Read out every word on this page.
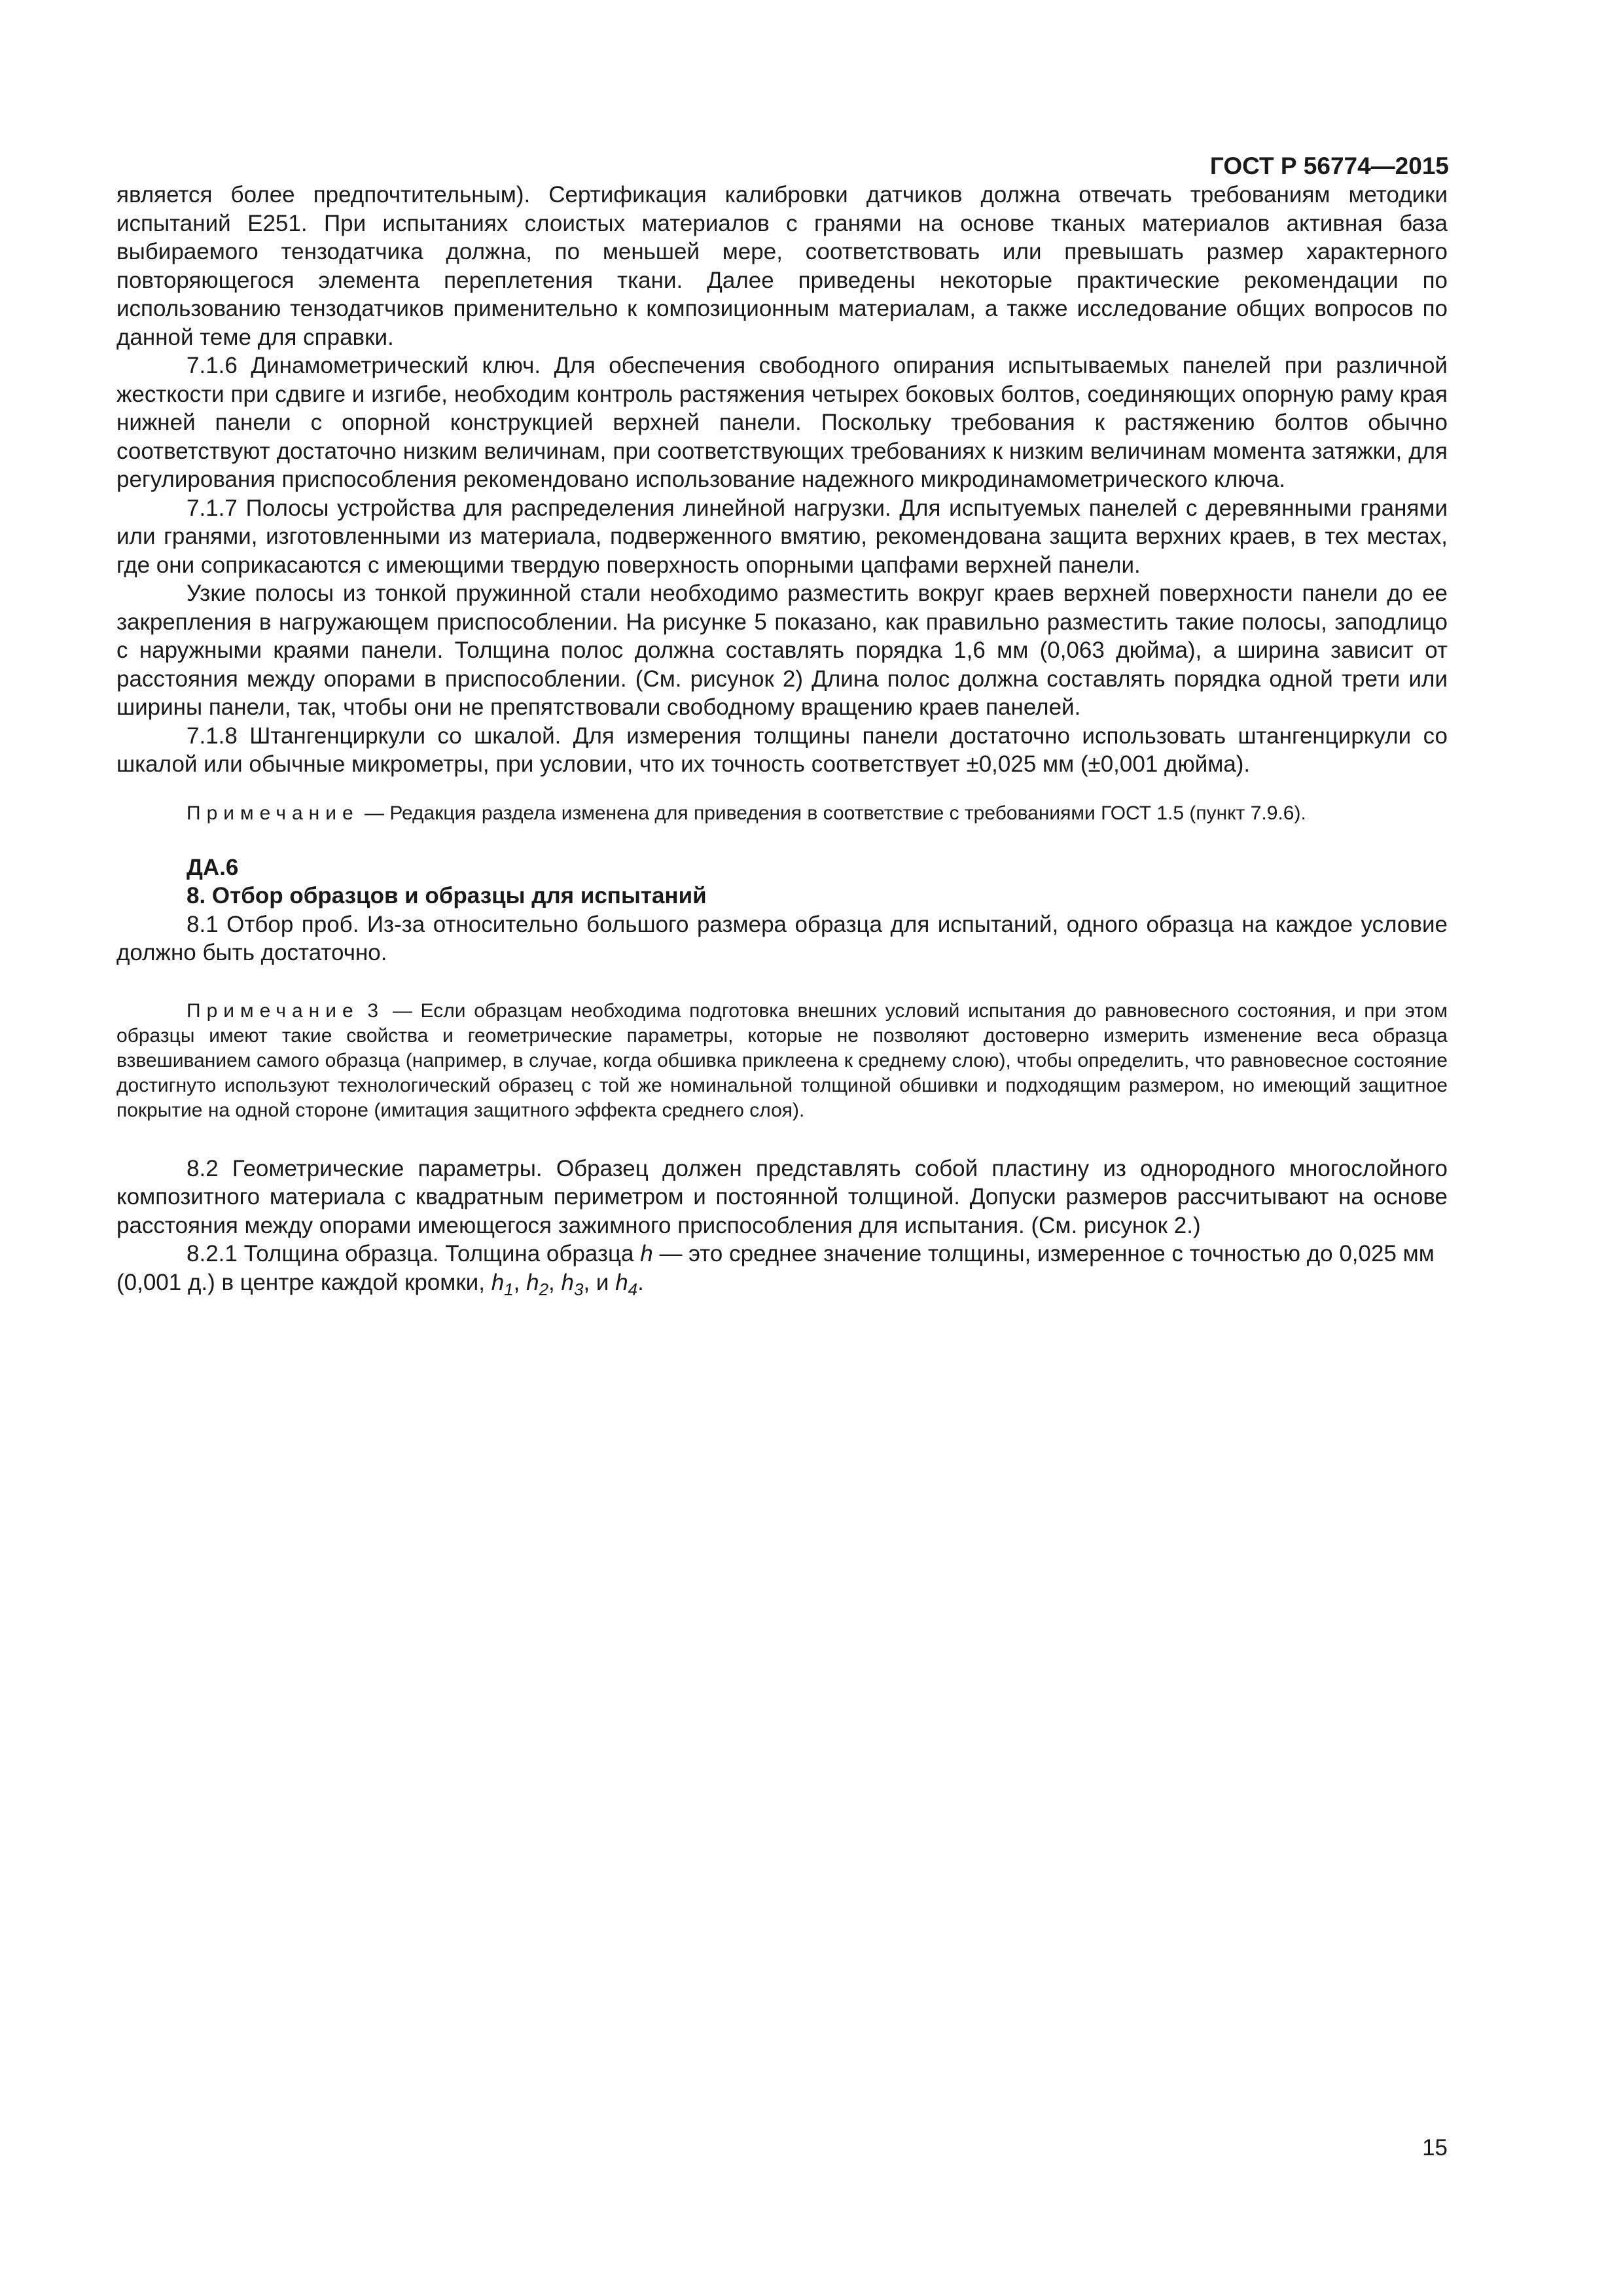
ГОСТ Р 56774—2015

является более предпочтительным). Сертификация калибровки датчиков должна отвечать требованиям методики испытаний E251. При испытаниях слоистых материалов с гранями на основе тканых материалов активная база выбираемого тензодатчика должна, по меньшей мере, соответствовать или превышать размер характерного повторяющегося элемента переплетения ткани. Далее приведены некоторые практические рекомендации по использованию тензодатчиков применительно к композиционным материалам, а также исследование общих вопросов по данной теме для справки.

7.1.6 Динамометрический ключ. Для обеспечения свободного опирания испытываемых панелей при различной жесткости при сдвиге и изгибе, необходим контроль растяжения четырех боковых болтов, соединяющих опорную раму края нижней панели с опорной конструкцией верхней панели. Поскольку требования к растяжению болтов обычно соответствуют достаточно низким величинам, при соответствующих требованиях к низким величинам момента затяжки, для регулирования приспособления рекомендовано использование надежного микродинамометрического ключа.

7.1.7 Полосы устройства для распределения линейной нагрузки. Для испытуемых панелей с деревянными гранями или гранями, изготовленными из материала, подверженного вмятию, рекомендована защита верхних краев, в тех местах, где они соприкасаются с имеющими твердую поверхность опорными цапфами верхней панели.

Узкие полосы из тонкой пружинной стали необходимо разместить вокруг краев верхней поверхности панели до ее закрепления в нагружающем приспособлении. На рисунке 5 показано, как правильно разместить такие полосы, заподлицо с наружными краями панели. Толщина полос должна составлять порядка 1,6 мм (0,063 дюйма), а ширина зависит от расстояния между опорами в приспособлении. (См. рисунок 2) Длина полос должна составлять порядка одной трети или ширины панели, так, чтобы они не препятствовали свободному вращению краев панелей.

7.1.8 Штангенциркули со шкалой. Для измерения толщины панели достаточно использовать штангенциркули со шкалой или обычные микрометры, при условии, что их точность соответствует ±0,025 мм (±0,001 дюйма).

Примечание — Редакция раздела изменена для приведения в соответствие с требованиями ГОСТ 1.5 (пункт 7.9.6).
ДА.6
8. Отбор образцов и образцы для испытаний

8.1 Отбор проб. Из-за относительно большого размера образца для испытаний, одного образца на каждое условие должно быть достаточно.

Примечание 3 — Если образцам необходима подготовка внешних условий испытания до равновесного состояния, и при этом образцы имеют такие свойства и геометрические параметры, которые не позволяют достоверно измерить изменение веса образца взвешиванием самого образца (например, в случае, когда обшивка приклеена к среднему слою), чтобы определить, что равновесное состояние достигнуто используют технологический образец с той же номинальной толщиной обшивки и подходящим размером, но имеющий защитное покрытие на одной стороне (имитация защитного эффекта среднего слоя).

8.2 Геометрические параметры. Образец должен представлять собой пластину из однородного многослойного композитного материала с квадратным периметром и постоянной толщиной. Допуски размеров рассчитывают на основе расстояния между опорами имеющегося зажимного приспособления для испытания. (См. рисунок 2.)

8.2.1 Толщина образца. Толщина образца h — это среднее значение толщины, измеренное с точностью до 0,025 мм (0,001 д.) в центре каждой кромки, $h_1$, $h_2$, $h_3$, и $h_4$.

15
